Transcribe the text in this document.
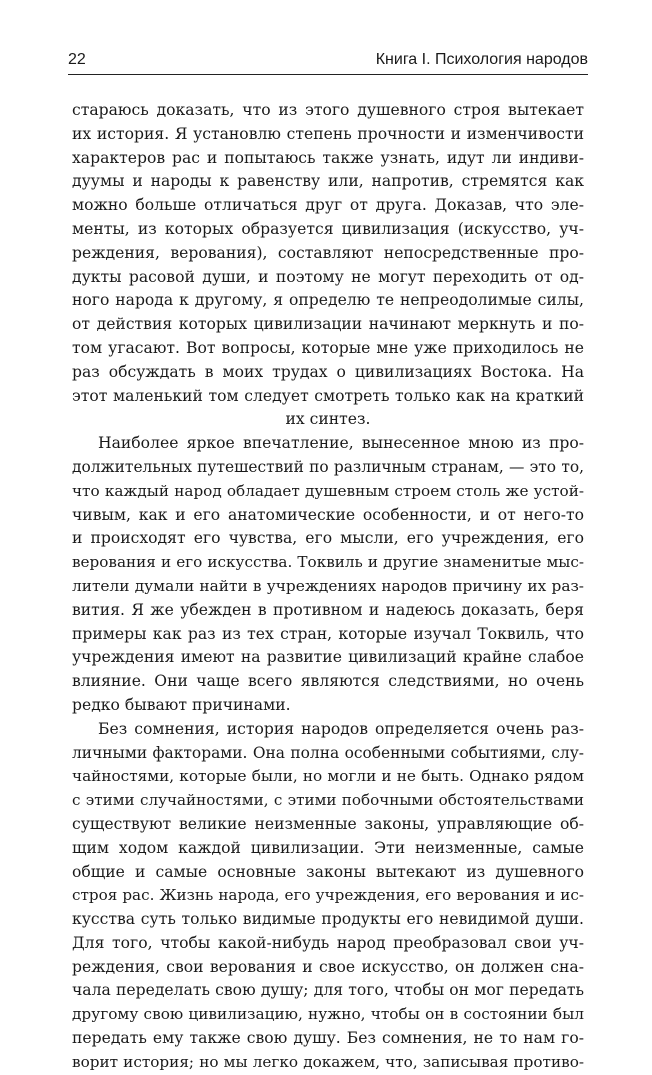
22	Книга I. Психология народов
стараюсь доказать, что из этого душевного строя вытекает
их история. Я установлю степень прочности и изменчивости
характеров рас и попытаюсь также узнать, идут ли индиви-
дуумы и народы к равенству или, напротив, стремятся как
можно больше отличаться друг от друга. Доказав, что эле-
менты, из которых образуется цивилизация (искусство, уч-
реждения, верования), составляют непосредственные про-
дукты расовой души, и поэтому не могут переходить от од-
ного народа к другому, я определю те непреодолимые силы,
от действия которых цивилизации начинают меркнуть и по-
том угасают. Вот вопросы, которые мне уже приходилось не
раз обсуждать в моих трудах о цивилизациях Востока. На
этот маленький том следует смотреть только как на краткий
их синтез.
Наиболее яркое впечатление, вынесенное мною из про-
должительных путешествий по различным странам, — это то,
что каждый народ обладает душевным строем столь же устой-
чивым, как и его анатомические особенности, и от него-то
и происходят его чувства, его мысли, его учреждения, его
верования и его искусства. Токвиль и другие знаменитые мыс-
лители думали найти в учреждениях народов причину их раз-
вития. Я же убежден в противном и надеюсь доказать, беря
примеры как раз из тех стран, которые изучал Токвиль, что
учреждения имеют на развитие цивилизаций крайне слабое
влияние. Они чаще всего являются следствиями, но очень
редко бывают причинами.
Без сомнения, история народов определяется очень раз-
личными факторами. Она полна особенными событиями, слу-
чайностями, которые были, но могли и не быть. Однако рядом
с этими случайностями, с этими побочными обстоятельствами
существуют великие неизменные законы, управляющие об-
щим ходом каждой цивилизации. Эти неизменные, самые
общие и самые основные законы вытекают из душевного
строя рас. Жизнь народа, его учреждения, его верования и ис-
кусства суть только видимые продукты его невидимой души.
Для того, чтобы какой-нибудь народ преобразовал свои уч-
реждения, свои верования и свое искусство, он должен сна-
чала переделать свою душу; для того, чтобы он мог передать
другому свою цивилизацию, нужно, чтобы он в состоянии был
передать ему также свою душу. Без сомнения, не то нам го-
ворит история; но мы легко докажем, что, записывая противо-
